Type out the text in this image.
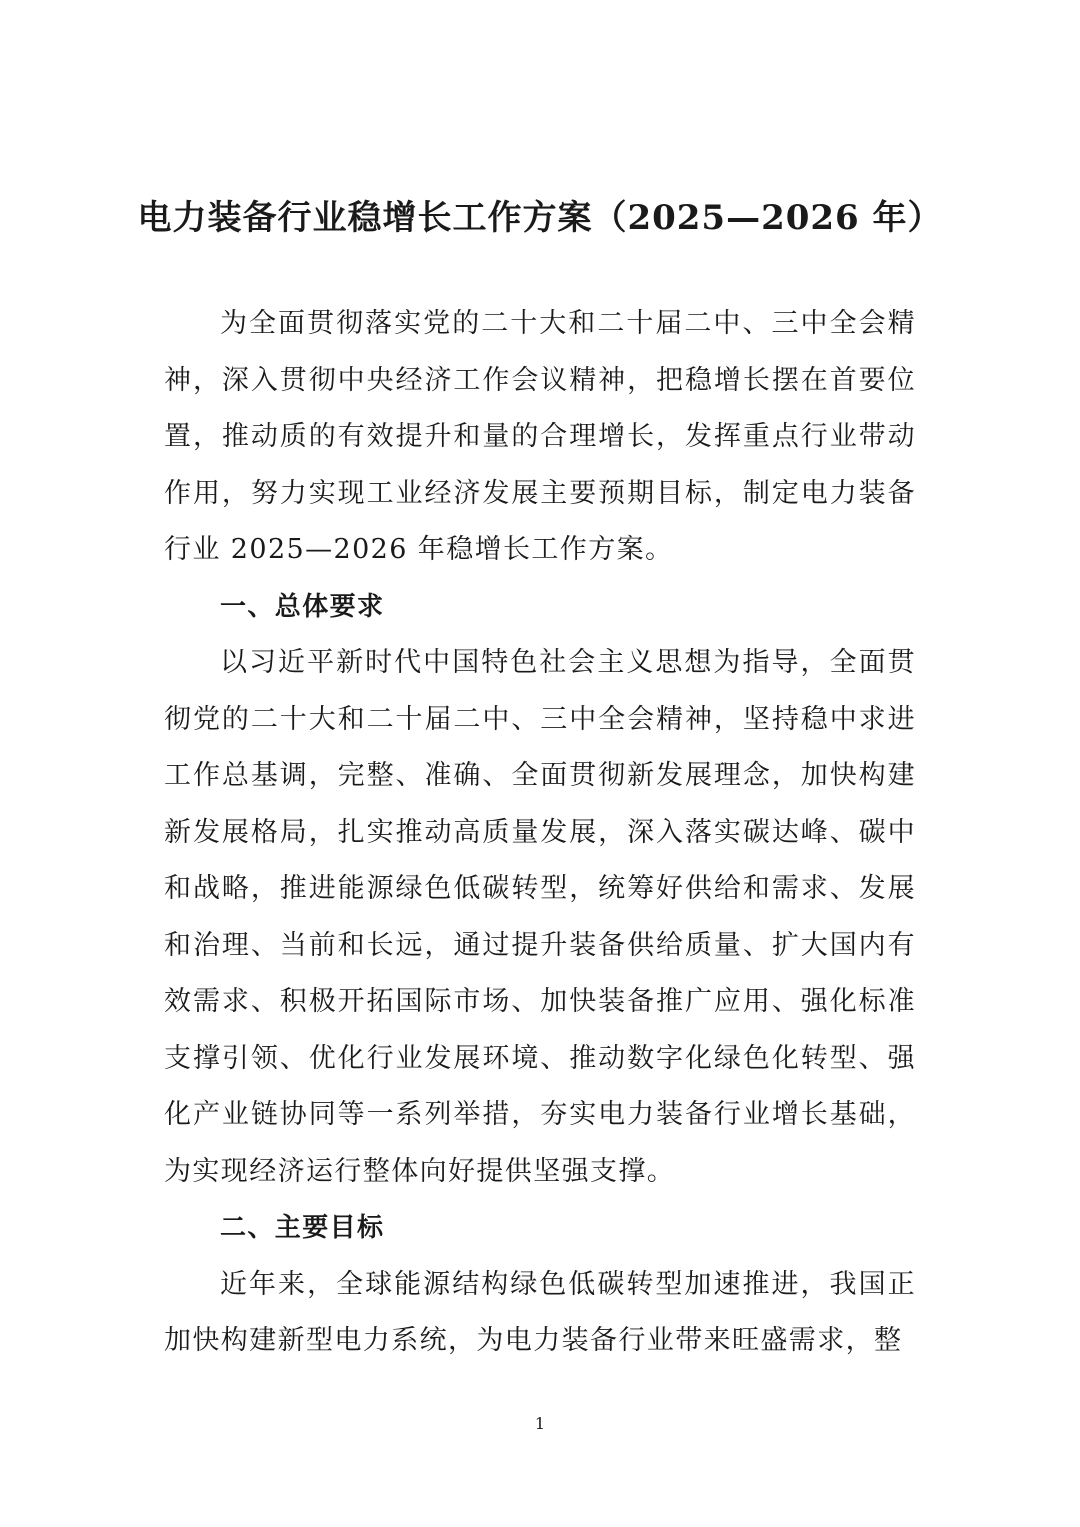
电力装备行业稳增长工作方案（2025—2026 年）

为全面贯彻落实党的二十大和二十届二中、三中全会精神，深入贯彻中央经济工作会议精神，把稳增长摆在首要位置，推动质的有效提升和量的合理增长，发挥重点行业带动作用，努力实现工业经济发展主要预期目标，制定电力装备行业 2025—2026 年稳增长工作方案。

一、总体要求

以习近平新时代中国特色社会主义思想为指导，全面贯彻党的二十大和二十届二中、三中全会精神，坚持稳中求进工作总基调，完整、准确、全面贯彻新发展理念，加快构建新发展格局，扎实推动高质量发展，深入落实碳达峰、碳中和战略，推进能源绿色低碳转型，统筹好供给和需求、发展和治理、当前和长远，通过提升装备供给质量、扩大国内有效需求、积极开拓国际市场、加快装备推广应用、强化标准支撑引领、优化行业发展环境、推动数字化绿色化转型、强化产业链协同等一系列举措，夯实电力装备行业增长基础，为实现经济运行整体向好提供坚强支撑。

二、主要目标

近年来，全球能源结构绿色低碳转型加速推进，我国正加快构建新型电力系统，为电力装备行业带来旺盛需求，整

1
